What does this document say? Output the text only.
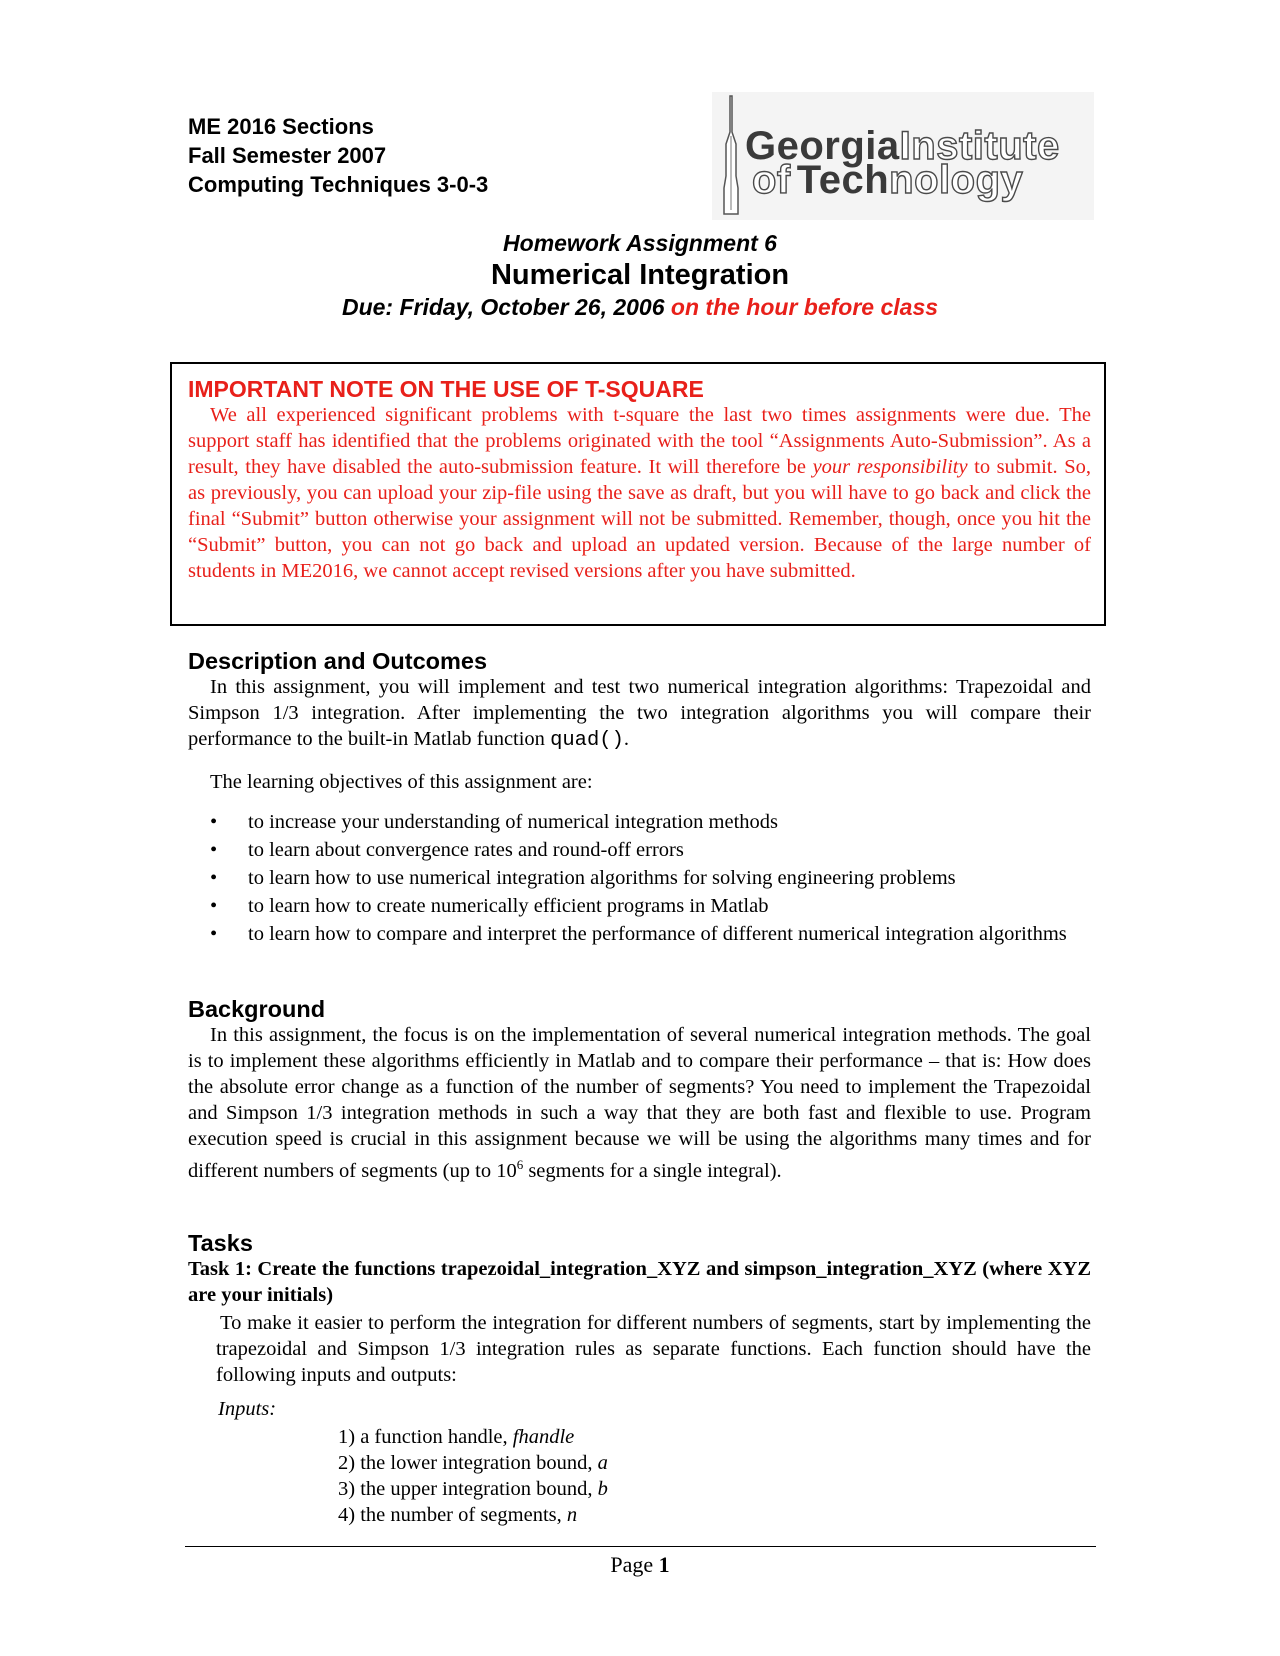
ME 2016 Sections
Fall Semester 2007
Computing Techniques 3-0-3
GeorgiaInstitute
of Technology
Homework Assignment 6
Numerical Integration
Due: Friday, October 26, 2006 on the hour before class
IMPORTANT NOTE ON THE USE OF T-SQUARE
We all experienced significant problems with t-square the last two times assignments were due. The support staff has identified that the problems originated with the tool “Assignments Auto-Submission”. As a result, they have disabled the auto-submission feature. It will therefore be your responsibility to submit. So, as previously, you can upload your zip-file using the save as draft, but you will have to go back and click the final “Submit” button otherwise your assignment will not be submitted. Remember, though, once you hit the “Submit” button, you can not go back and upload an updated version. Because of the large number of students in ME2016, we cannot accept revised versions after you have submitted.
Description and Outcomes
In this assignment, you will implement and test two numerical integration algorithms: Trapezoidal and Simpson 1/3 integration. After implementing the two integration algorithms you will compare their performance to the built-in Matlab function quad().
The learning objectives of this assignment are:
• to increase your understanding of numerical integration methods
• to learn about convergence rates and round-off errors
• to learn how to use numerical integration algorithms for solving engineering problems
• to learn how to create numerically efficient programs in Matlab
• to learn how to compare and interpret the performance of different numerical integration algorithms
Background
In this assignment, the focus is on the implementation of several numerical integration methods. The goal is to implement these algorithms efficiently in Matlab and to compare their performance – that is: How does the absolute error change as a function of the number of segments? You need to implement the Trapezoidal and Simpson 1/3 integration methods in such a way that they are both fast and flexible to use. Program execution speed is crucial in this assignment because we will be using the algorithms many times and for different numbers of segments (up to $10^6$ segments for a single integral).
Tasks
Task 1: Create the functions trapezoidal_integration_XYZ and simpson_integration_XYZ (where XYZ are your initials)
To make it easier to perform the integration for different numbers of segments, start by implementing the trapezoidal and Simpson 1/3 integration rules as separate functions. Each function should have the following inputs and outputs:
Inputs:
1) a function handle, fhandle
2) the lower integration bound, a
3) the upper integration bound, b
4) the number of segments, n
Page 1
